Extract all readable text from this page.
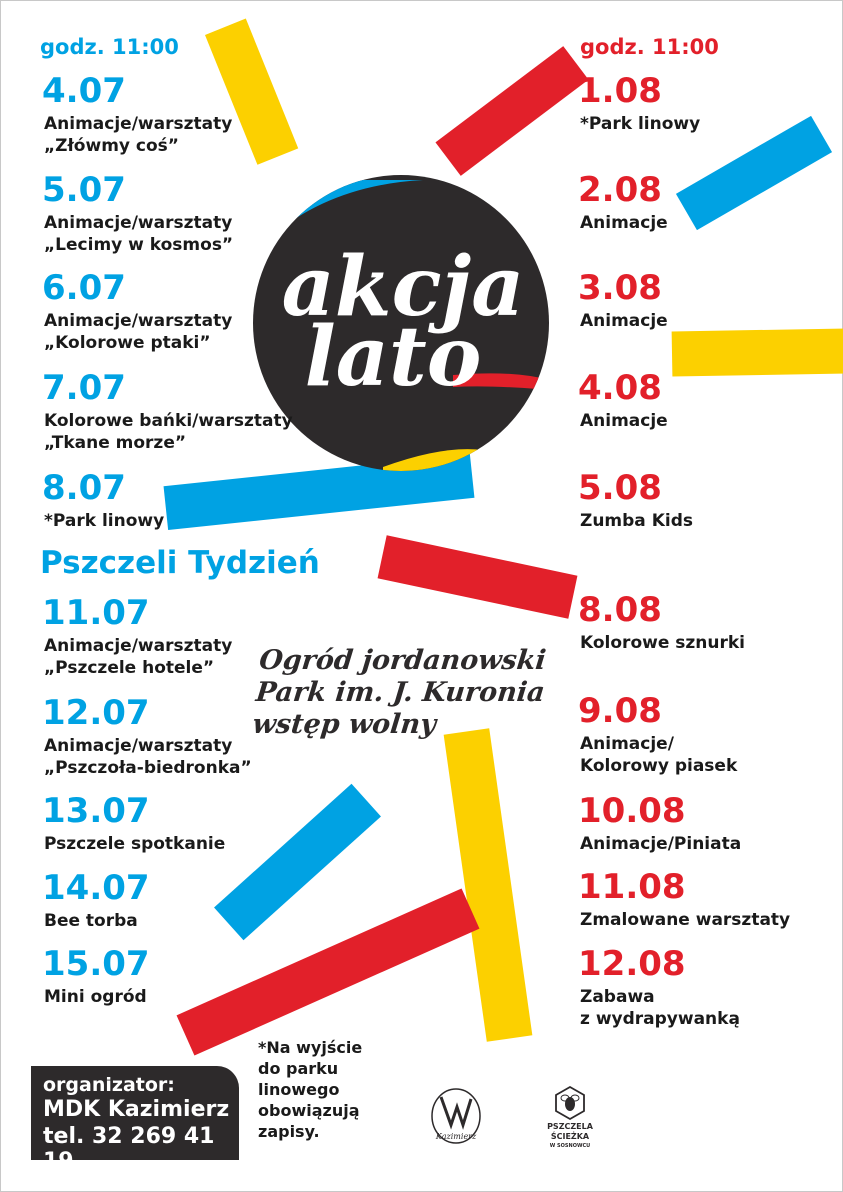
akcja
lato
godz. 11:00
4.07
Animacje/warsztaty
„Złówmy coś”
5.07
Animacje/warsztaty
„Lecimy w kosmos”
6.07
Animacje/warsztaty
„Kolorowe ptaki”
7.07
Kolorowe bańki/warsztaty
„Tkane morze”
8.07
*Park linowy
11.07
Animacje/warsztaty
„Pszczele hotele”
12.07
Animacje/warsztaty
„Pszczoła-biedronka”
13.07
Pszczele spotkanie
14.07
Bee torba
15.07
Mini ogród
Pszczeli Tydzień
godz. 11:00
1.08
*Park linowy
2.08
Animacje
3.08
Animacje
4.08
Animacje
5.08
Zumba Kids
8.08
Kolorowe sznurki
9.08
Animacje/
Kolorowy piasek
10.08
Animacje/Piniata
11.08
Zmalowane warsztaty
12.08
Zabawa
z wydrapywanką
Ogród jordanowski
Park im. J. Kuronia
wstęp wolny
*Na wyjście
do parku
linowego
obowiązują
zapisy.
organizator:
MDK Kazimierz
tel. 32 269 41 19
Kazimierz
PSZCZELA
ŚCIEŻKA
W SOSNOWCU
